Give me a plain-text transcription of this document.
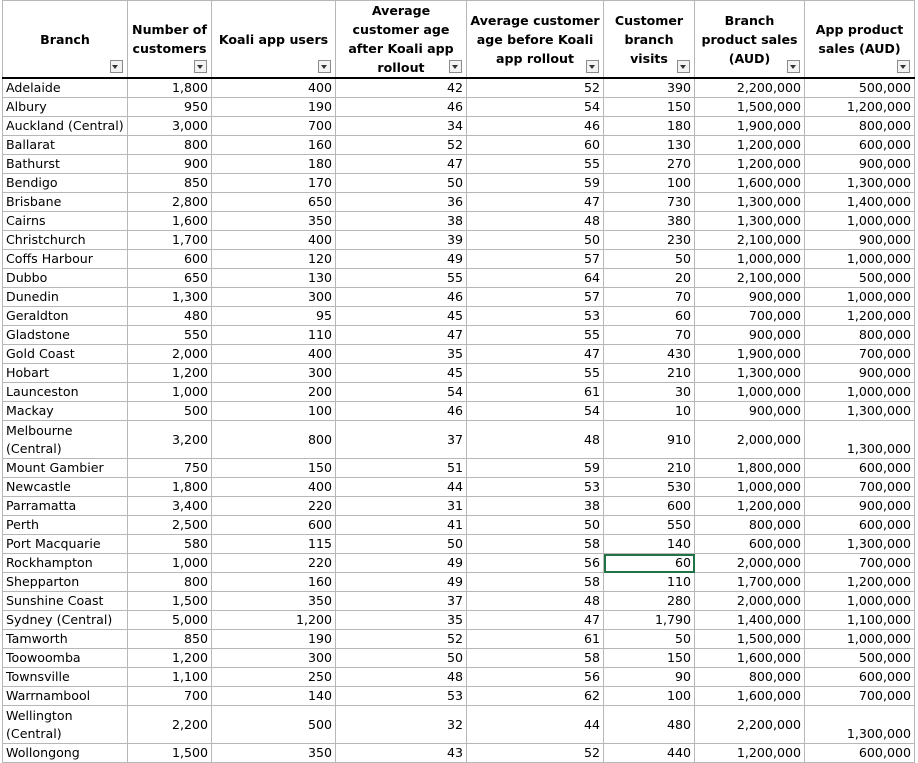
Branch	Number of customers	Koali app users	Average customer age after Koali app rollout	Average customer age before Koali app rollout	Customer branch visits	Branch product sales (AUD)	App product sales (AUD)

Adelaide	1,800	400	42	52	390	2,200,000	500,000
Albury	950	190	46	54	150	1,500,000	1,200,000
Auckland (Central)	3,000	700	34	46	180	1,900,000	800,000
Ballarat	800	160	52	60	130	1,200,000	600,000
Bathurst	900	180	47	55	270	1,200,000	900,000
Bendigo	850	170	50	59	100	1,600,000	1,300,000
Brisbane	2,800	650	36	47	730	1,300,000	1,400,000
Cairns	1,600	350	38	48	380	1,300,000	1,000,000
Christchurch	1,700	400	39	50	230	2,100,000	900,000
Coffs Harbour	600	120	49	57	50	1,000,000	1,000,000
Dubbo	650	130	55	64	20	2,100,000	500,000
Dunedin	1,300	300	46	57	70	900,000	1,000,000
Geraldton	480	95	45	53	60	700,000	1,200,000
Gladstone	550	110	47	55	70	900,000	800,000
Gold Coast	2,000	400	35	47	430	1,900,000	700,000
Hobart	1,200	300	45	55	210	1,300,000	900,000
Launceston	1,000	200	54	61	30	1,000,000	1,000,000
Mackay	500	100	46	54	10	900,000	1,300,000
Melbourne (Central)	3,200	800	37	48	910	2,000,000	1,300,000
Mount Gambier	750	150	51	59	210	1,800,000	600,000
Newcastle	1,800	400	44	53	530	1,000,000	700,000
Parramatta	3,400	220	31	38	600	1,200,000	900,000
Perth	2,500	600	41	50	550	800,000	600,000
Port Macquarie	580	115	50	58	140	600,000	1,300,000
Rockhampton	1,000	220	49	56	60	2,000,000	700,000
Shepparton	800	160	49	58	110	1,700,000	1,200,000
Sunshine Coast	1,500	350	37	48	280	2,000,000	1,000,000
Sydney (Central)	5,000	1,200	35	47	1,790	1,400,000	1,100,000
Tamworth	850	190	52	61	50	1,500,000	1,000,000
Toowoomba	1,200	300	50	58	150	1,600,000	500,000
Townsville	1,100	250	48	56	90	800,000	600,000
Warrnambool	700	140	53	62	100	1,600,000	700,000
Wellington (Central)	2,200	500	32	44	480	2,200,000	1,300,000
Wollongong	1,500	350	43	52	440	1,200,000	600,000
